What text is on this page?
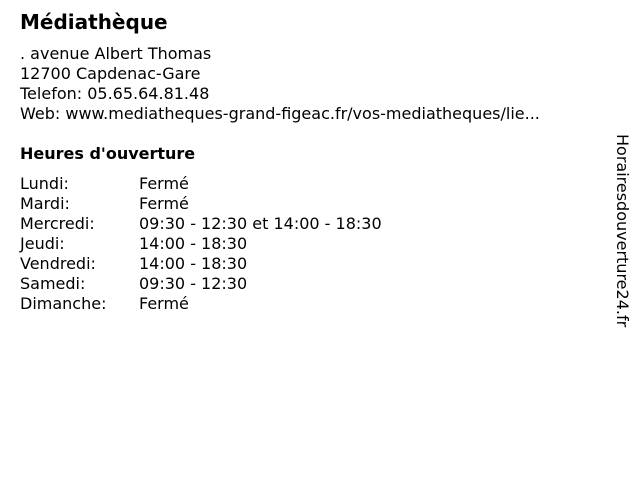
Médiathèque
. avenue Albert Thomas
12700 Capdenac-Gare
Telefon: 05.65.64.81.48
Web: www.mediatheques-grand-figeac.fr/vos-mediatheques/lie...
Heures d'ouverture
Lundi:	Fermé
Mardi:	Fermé
Mercredi:	09:30 - 12:30 et 14:00 - 18:30
Jeudi:	14:00 - 18:30
Vendredi:	14:00 - 18:30
Samedi:	09:30 - 12:30
Dimanche: Fermé	Horairesdouverture24.fr
